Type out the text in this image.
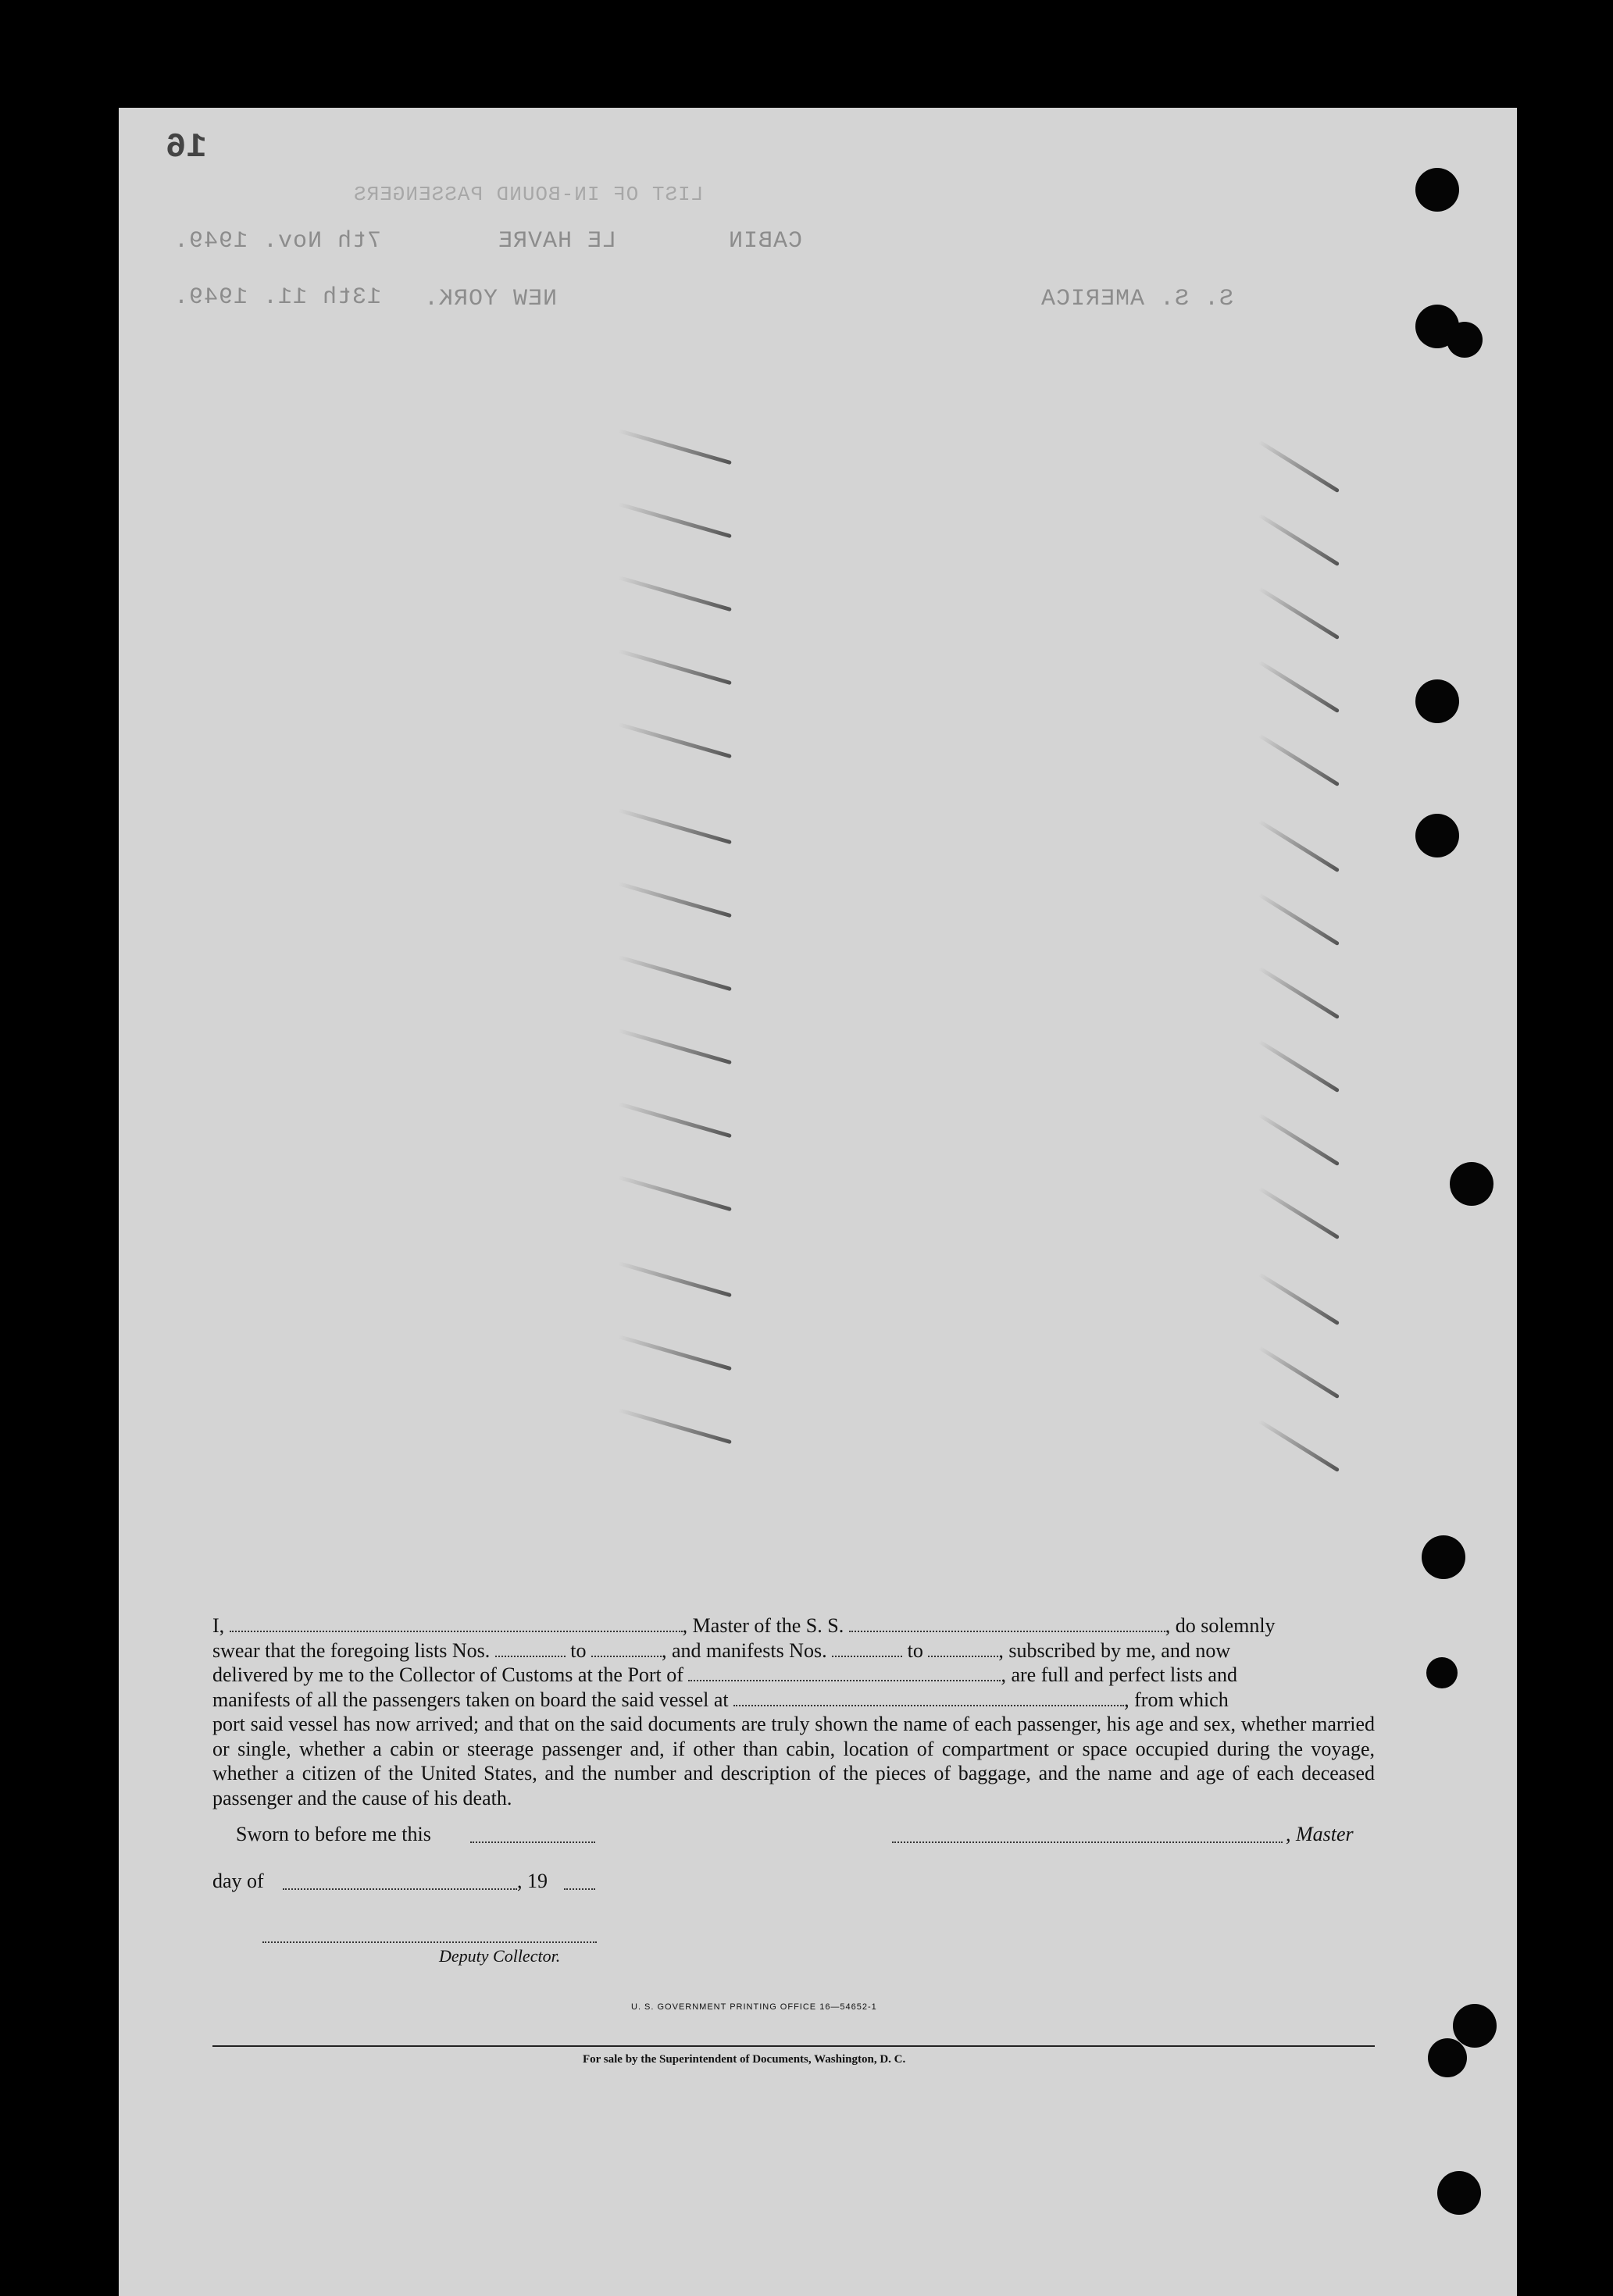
16
LIST OF IN-BOUND PASSENGERS
CABIN
LE HAVRE
7th Nov. 1949.
S. S. AMERICA
NEW YORK.
13th 11. 1949.
I,	, Master of the S. S.	, do solemnly
swear that the foregoing lists Nos.	to	, and manifests Nos.	to	, subscribed by me, and now
delivered by me to the Collector of Customs at the Port of	, are full and perfect lists and
manifests of all the passengers taken on board the said vessel at	, from which
port said vessel has now arrived; and that on the said documents are truly shown the name of each passenger, his age and sex, whether married or single, whether a cabin or steerage passenger and, if other than cabin, location of compartment or space occupied during the voyage, whether a citizen of the United States, and the number and description of the pieces of baggage, and the name and age of each deceased passenger and the cause of his death.
Sworn to before me this	, Master
day of	, 19
Deputy Collector.
U. S. GOVERNMENT PRINTING OFFICE 16—54652-1
For sale by the Superintendent of Documents, Washington, D. C.
